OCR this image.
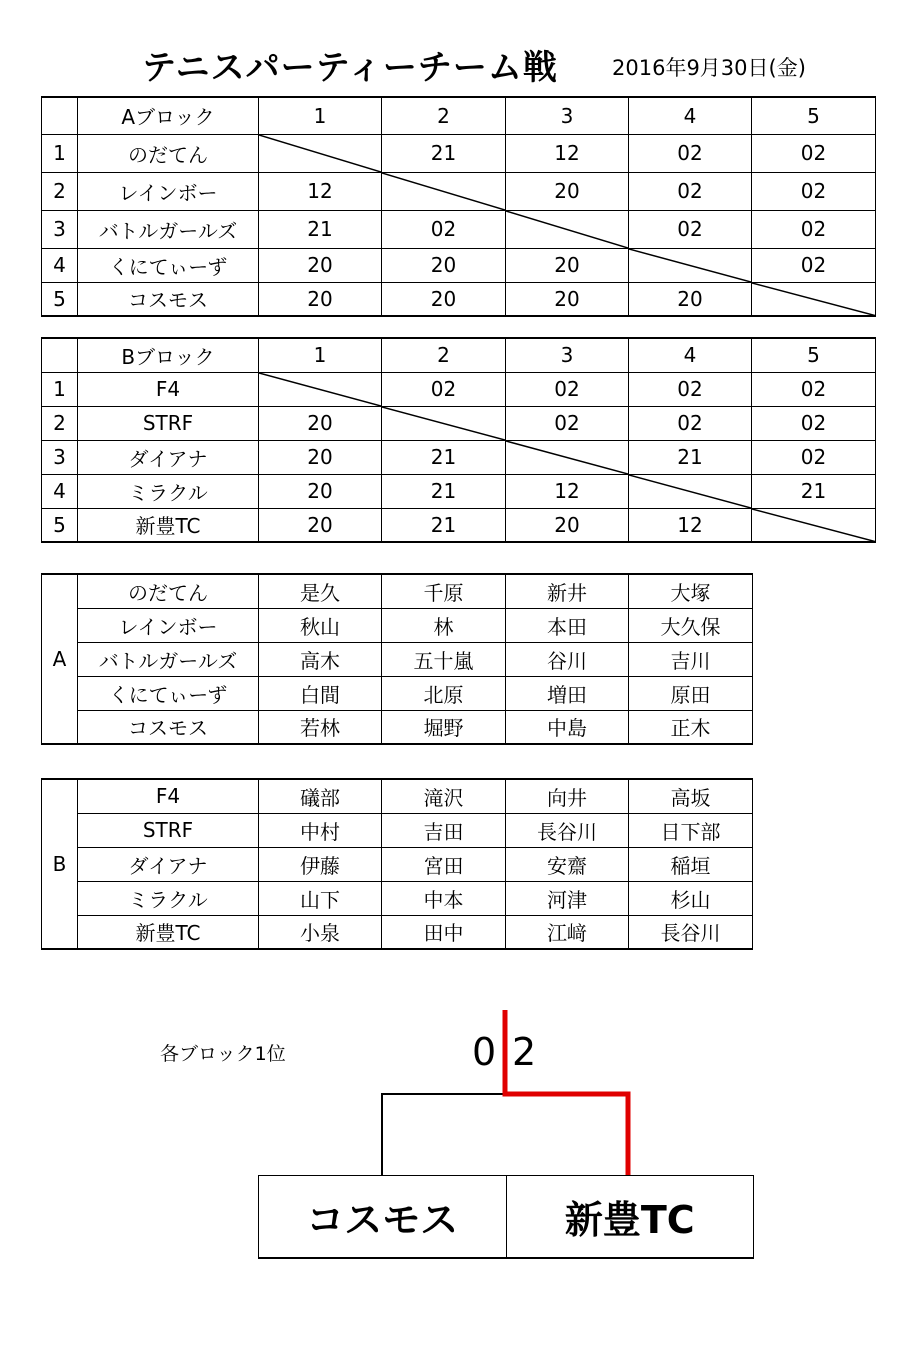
テニスパーティーチーム戦	2016年9月30日(金)
	Aブロック	1	2	3	4	5
1	のだてん		21	12	02	02
2	レインボー	12		20	02	02
3	バトルガールズ	21	02		02	02
4	くにてぃーず	20	20	20		02
5	コスモス	20	20	20	20	
	Bブロック	1	2	3	4	5
1	F4		02	02	02	02
2	STRF	20		02	02	02
3	ダイアナ	20	21		21	02
4	ミラクル	20	21	12		21
5	新豊TC	20	21	20	12	
A	のだてん	是久	千原	新井	大塚
	レインボー	秋山	林	本田	大久保
	バトルガールズ	高木	五十嵐	谷川	吉川
	くにてぃーず	白間	北原	増田	原田
	コスモス	若林	堀野	中島	正木
B	F4	礒部	滝沢	向井	高坂
	STRF	中村	吉田	長谷川	日下部
	ダイアナ	伊藤	宮田	安齋	稲垣
	ミラクル	山下	中本	河津	杉山
	新豊TC	小泉	田中	江﨑	長谷川
各ブロック1位	0 2
コスモス	新豊TC
